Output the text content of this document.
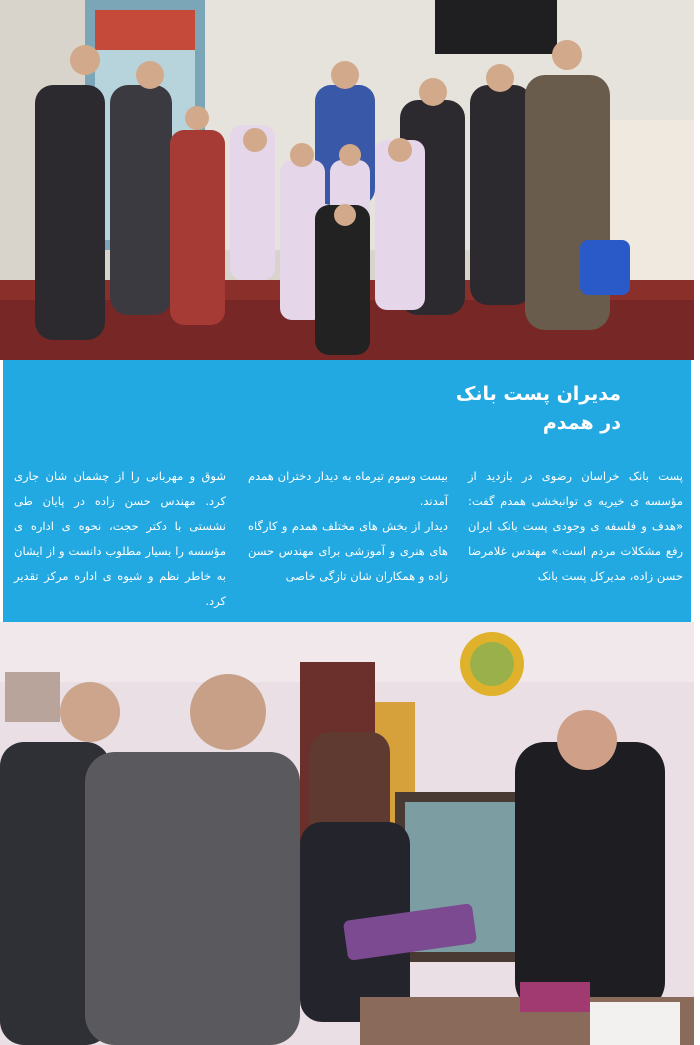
مدیران پست بانک
در همدم

پست بانک خراسان رضوی در بازدید از مؤسسه ی خیریه ی توانبخشی همدم گفت: «هدف و فلسفه ی وجودی پست بانک ایران رفع مشکلات مردم است.» مهندس غلامرضا حسن زاده، مدیرکل پست بانک

بیست وسوم تیرماه به دیدار دختران همدم آمدند.

دیدار از بخش های مختلف همدم و کارگاه های هنری و آموزشی برای مهندس حسن زاده و همکاران شان تازگی خاصی

شوق و مهربانی را از چشمان شان جاری کرد. مهندس حسن زاده در پایان طی نشستی با دکتر حجت، نحوه ی اداره ی مؤسسه را بسیار مطلوب دانست و از ایشان به خاطر نظم و شیوه ی اداره مرکز تقدیر کرد.
